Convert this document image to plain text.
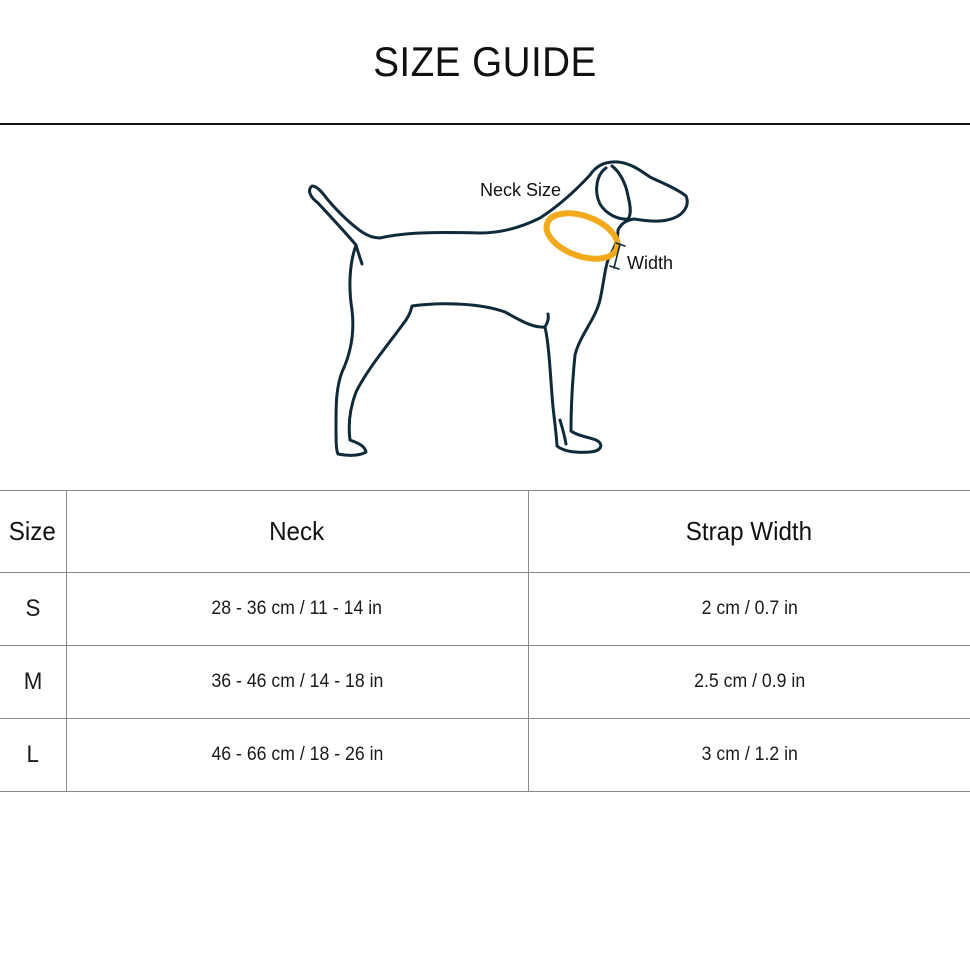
SIZE GUIDE
Neck Size
Width
Size	Neck	Strap Width
S	28 - 36 cm / 11 - 14 in	2 cm / 0.7 in
M	36 - 46 cm / 14 - 18 in	2.5 cm / 0.9 in
L	46 - 66 cm / 18 - 26 in	3 cm / 1.2 in
